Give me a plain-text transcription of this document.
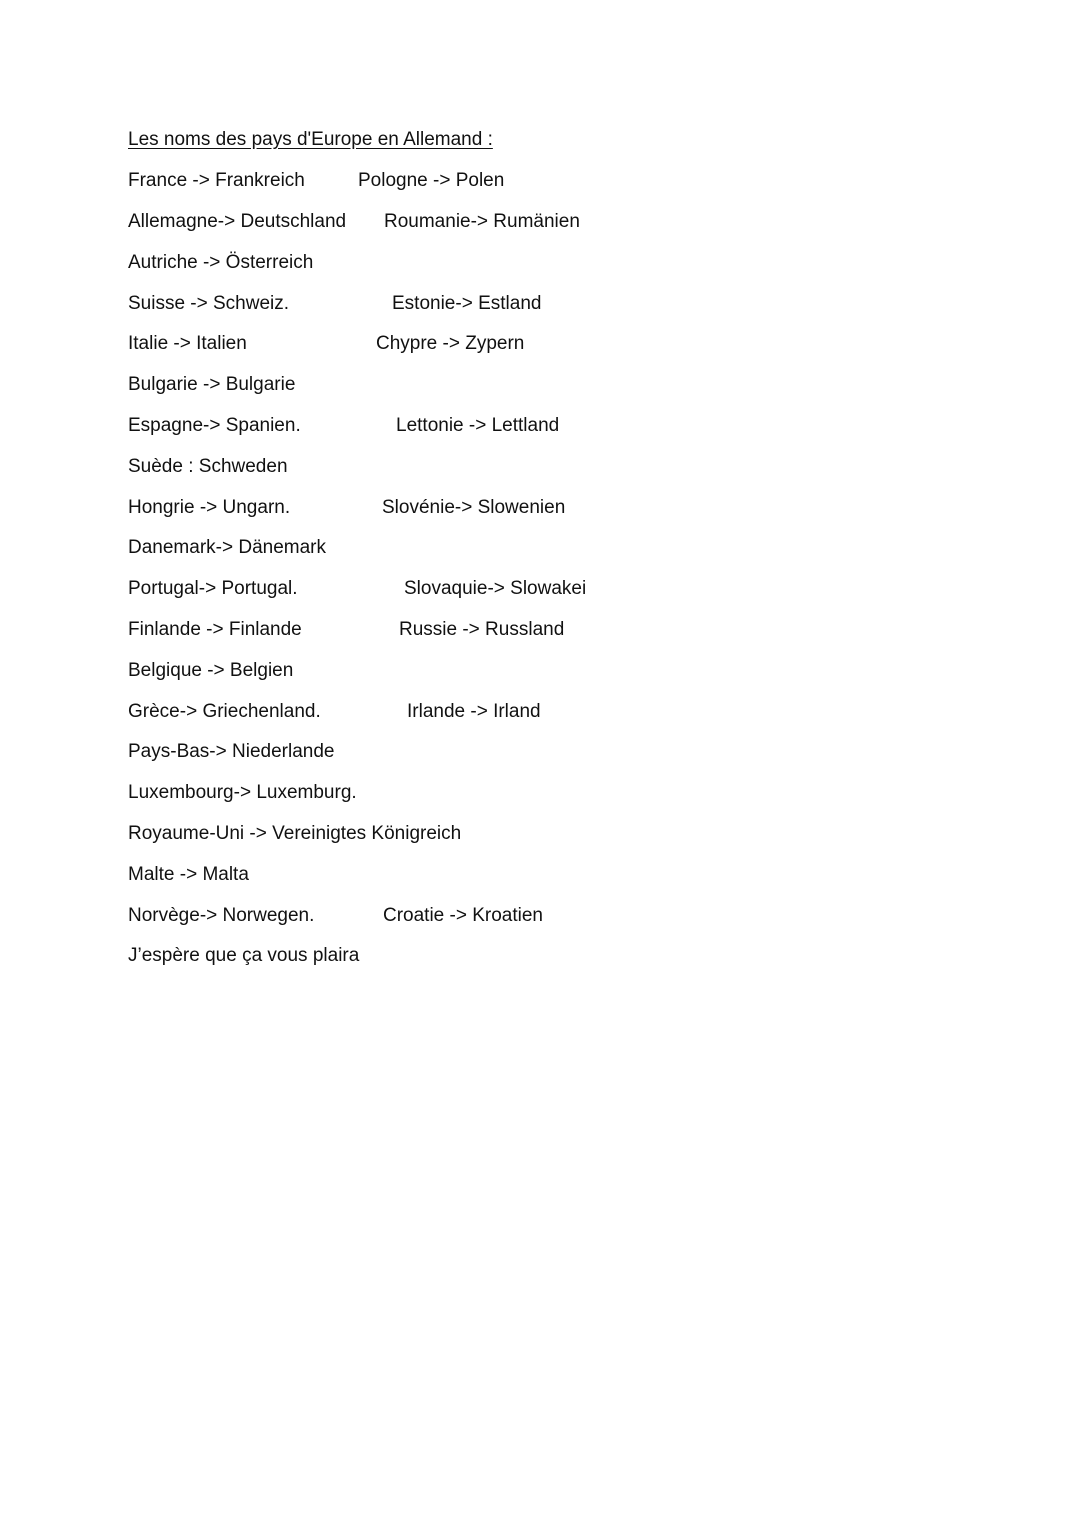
Les noms des pays d'Europe en Allemand :
France -> Frankreich	Pologne -> Polen
Allemagne-> Deutschland Roumanie-> Rumänien
Autriche -> Österreich
Suisse -> Schweiz.	Estonie-> Estland
Italie -> Italien	Chypre -> Zypern
Bulgarie -> Bulgarie
Espagne-> Spanien.	Lettonie -> Lettland
Suède : Schweden
Hongrie -> Ungarn.	Slovénie-> Slowenien
Danemark-> Dänemark
Portugal-> Portugal.	Slovaquie-> Slowakei
Finlande -> Finlande	Russie -> Russland
Belgique -> Belgien
Grèce-> Griechenland.	Irlande -> Irland
Pays-Bas-> Niederlande
Luxembourg-> Luxemburg.
Royaume-Uni -> Vereinigtes Königreich
Malte -> Malta
Norvège-> Norwegen.	Croatie -> Kroatien
J’espère que ça vous plaira
